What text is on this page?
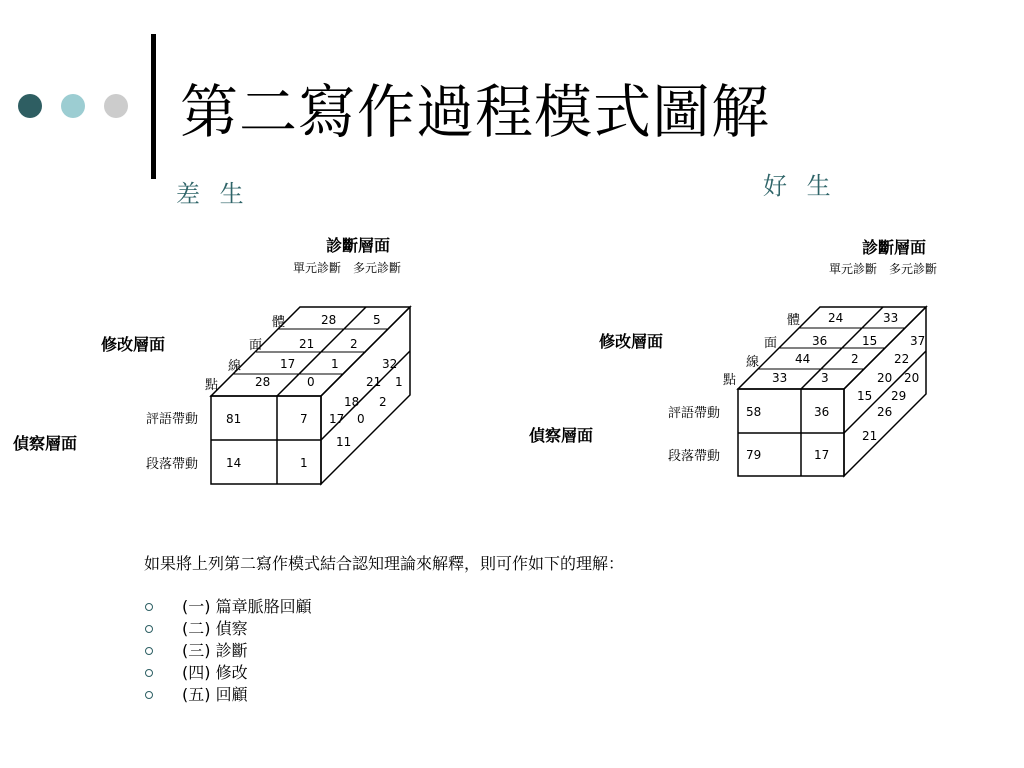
第二寫作過程模式圖解
差 生	好 生
診斷層面
單元診斷　多元診斷
修改層面
偵察層面
體
面
線
點
評語帶動
段落帶動
81	7
14	1
28	5
21	2
17	1
28	0
32
1
21
2
18
17 0
11
診斷層面
單元診斷　多元診斷
修改層面
偵察層面
體
面
線
點
評語帶動
段落帶動
58	36
79	17
24	33
36	15
44	2
33	3
37
22
20 20
29
15
26
21
如果將上列第二寫作模式結合認知理論來解釋，則可作如下的理解：
(一) 篇章脈胳回顧
(二) 偵察
(三) 診斷
(四) 修改
(五) 回顧
